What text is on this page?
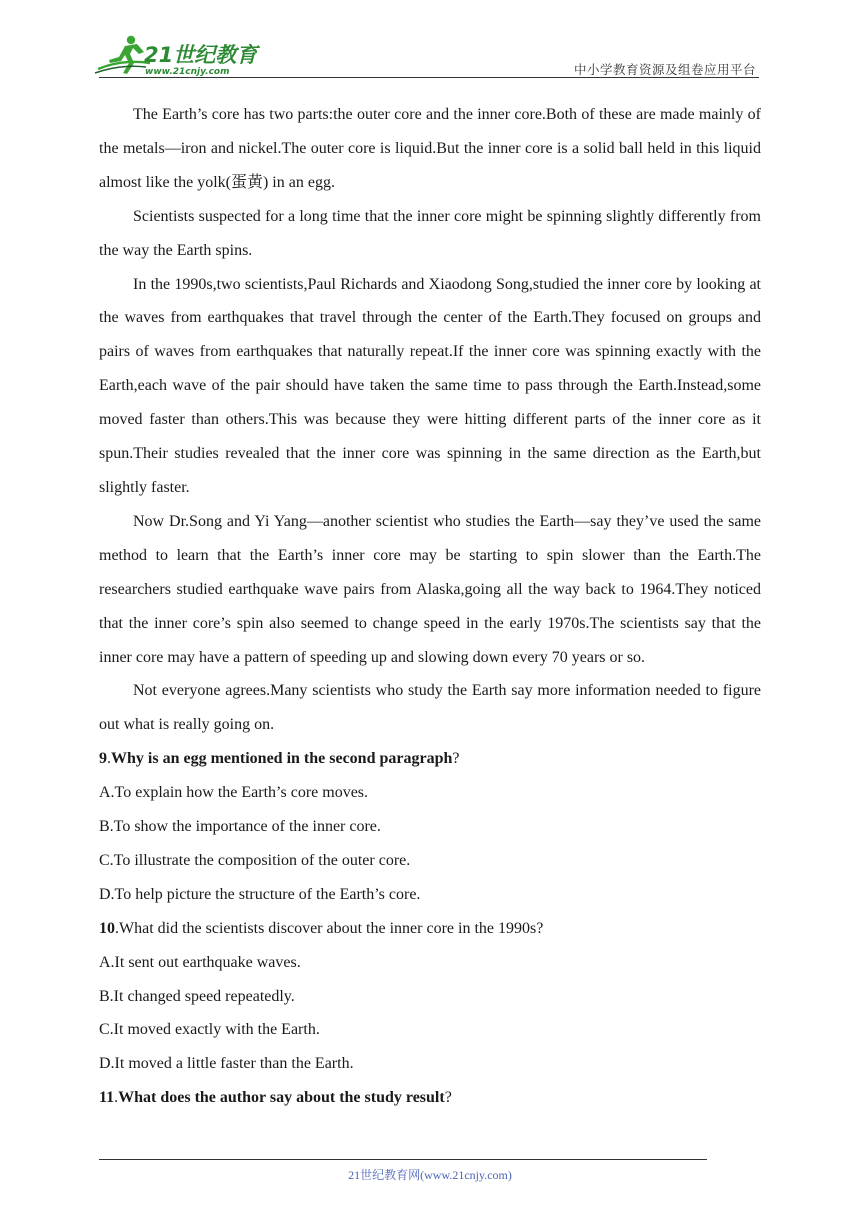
21世纪教育
www.21cnjy.com	中小学教育资源及组卷应用平台

The Earth’s core has two parts:the outer core and the inner core.Both of these are made mainly of the metals—iron and nickel.The outer core is liquid.But the inner core is a solid ball held in this liquid almost like the yolk(蛋黄) in an egg.

Scientists suspected for a long time that the inner core might be spinning slightly differently from the way the Earth spins.

In the 1990s,two scientists,Paul Richards and Xiaodong Song,studied the inner core by looking at the waves from earthquakes that travel through the center of the Earth.They focused on groups and pairs of waves from earthquakes that naturally repeat.If the inner core was spinning exactly with the Earth,each wave of the pair should have taken the same time to pass through the Earth.Instead,some moved faster than others.This was because they were hitting different parts of the inner core as it spun.Their studies revealed that the inner core was spinning in the same direction as the Earth,but slightly faster.

Now Dr.Song and Yi Yang—another scientist who studies the Earth—say they’ve used the same method to learn that the Earth’s inner core may be starting to spin slower than the Earth.The researchers studied earthquake wave pairs from Alaska,going all the way back to 1964.They noticed that the inner core’s spin also seemed to change speed in the early 1970s.The scientists say that the inner core may have a pattern of speeding up and slowing down every 70 years or so.

Not everyone agrees.Many scientists who study the Earth say more information needed to figure out what is really going on.

9.Why is an egg mentioned in the second paragraph?

A.To explain how the Earth’s core moves.

B.To show the importance of the inner core.

C.To illustrate the composition of the outer core.

D.To help picture the structure of the Earth’s core.

10.What did the scientists discover about the inner core in the 1990s?

A.It sent out earthquake waves.

B.It changed speed repeatedly.

C.It moved exactly with the Earth.

D.It moved a little faster than the Earth.

11.What does the author say about the study result?

21世纪教育网(www.21cnjy.com)
